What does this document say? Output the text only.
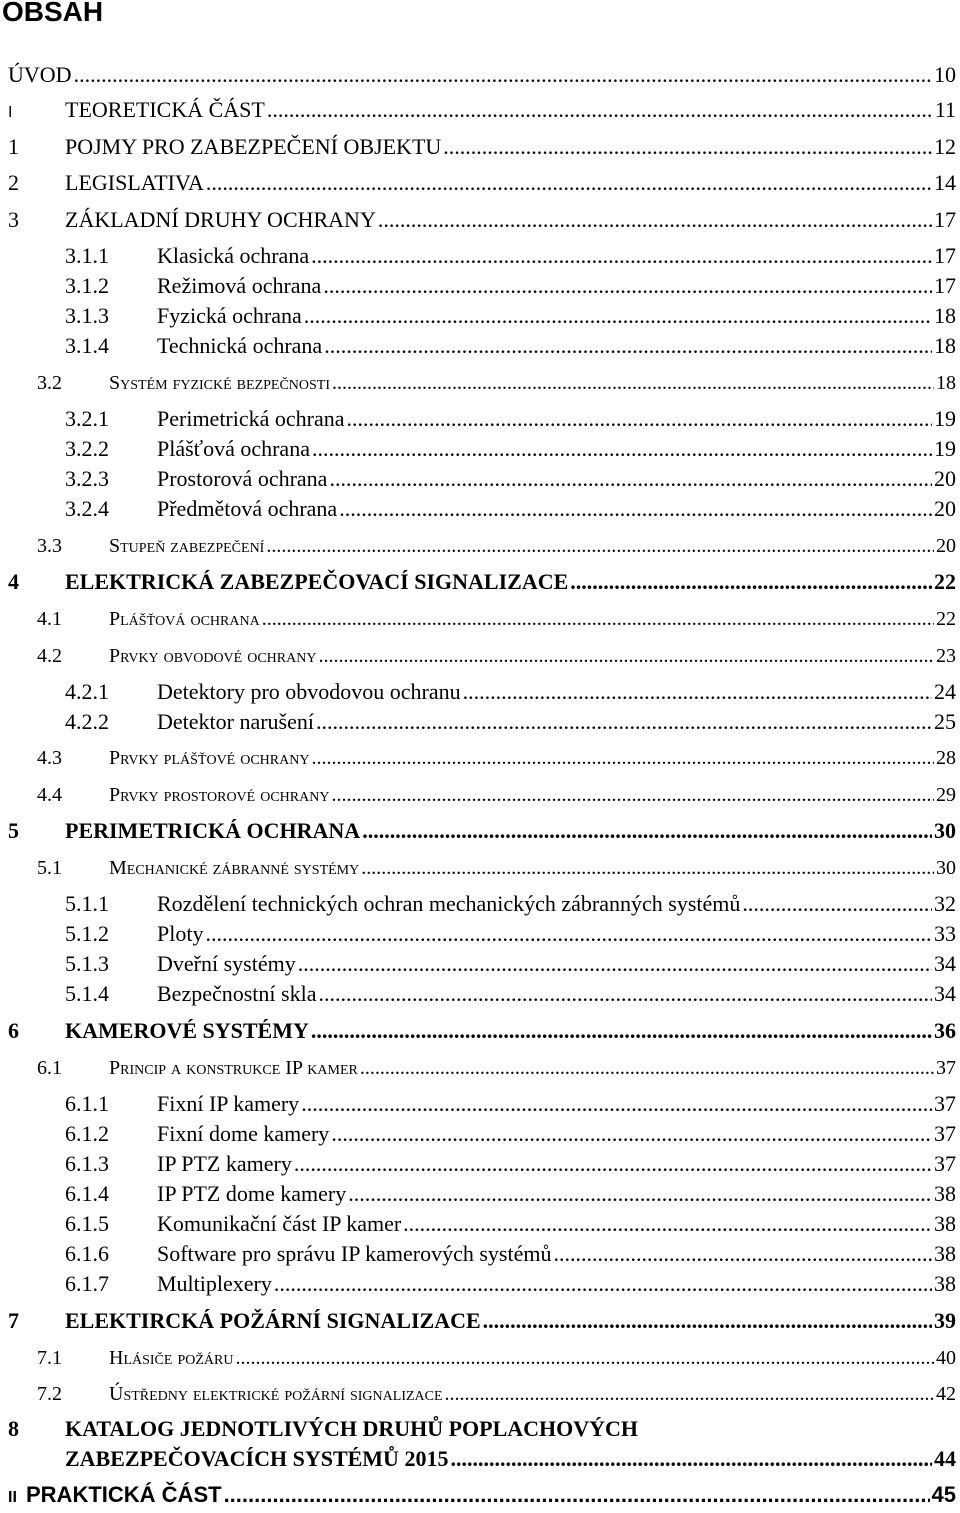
OBSAH
ÚVOD .....	10
I	TEORETICKÁ ČÁST .....	11
1	POJMY PRO ZABEZPEČENÍ OBJEKTU .....	12
2	LEGISLATIVA .....	14
3	ZÁKLADNÍ DRUHY OCHRANY .....	17
3.1.1	Klasická ochrana .....	17
3.1.2	Režimová ochrana .....	17
3.1.3	Fyzická ochrana .....	18
3.1.4	Technická ochrana .....	18
3.2	Systém fyzické bezpečnosti .....	18
3.2.1	Perimetrická ochrana .....	19
3.2.2	Plášťová ochrana .....	19
3.2.3	Prostorová ochrana .....	20
3.2.4	Předmětová ochrana .....	20
3.3	Stupeň zabezpečení .....	20
4	ELEKTRICKÁ ZABEZPEČOVACÍ SIGNALIZACE .....	22
4.1	Plášťová ochrana .....	22
4.2	Prvky obvodové ochrany .....	23
4.2.1	Detektory pro obvodovou ochranu .....	24
4.2.2	Detektor narušení .....	25
4.3	Prvky plášťové ochrany .....	28
4.4	Prvky prostorové ochrany .....	29
5	PERIMETRICKÁ OCHRANA .....	30
5.1	Mechanické zábranné systémy .....	30
5.1.1	Rozdělení technických ochran mechanických zábranných systémů .....	32
5.1.2	Ploty .....	33
5.1.3	Dveřní systémy .....	34
5.1.4	Bezpečnostní skla .....	34
6	KAMEROVÉ SYSTÉMY .....	36
6.1	Princip a konstrukce IP kamer .....	37
6.1.1	Fixní IP kamery .....	37
6.1.2	Fixní dome kamery .....	37
6.1.3	IP PTZ kamery .....	37
6.1.4	IP PTZ dome kamery .....	38
6.1.5	Komunikační část IP kamer .....	38
6.1.6	Software pro správu IP kamerových systémů .....	38
6.1.7	Multiplexery .....	38
7	ELEKTIRCKÁ POŽÁRNÍ SIGNALIZACE .....	39
7.1	Hlásiče požáru .....	40
7.2	Ústředny elektrické požární signalizace .....	42
8	KATALOG JEDNOTLIVÝCH DRUHŮ POPLACHOVÝCH
ZABEZPEČOVACÍCH SYSTÉMŮ 2015 .....	44
II PRAKTICKÁ ČÁST .....	45
